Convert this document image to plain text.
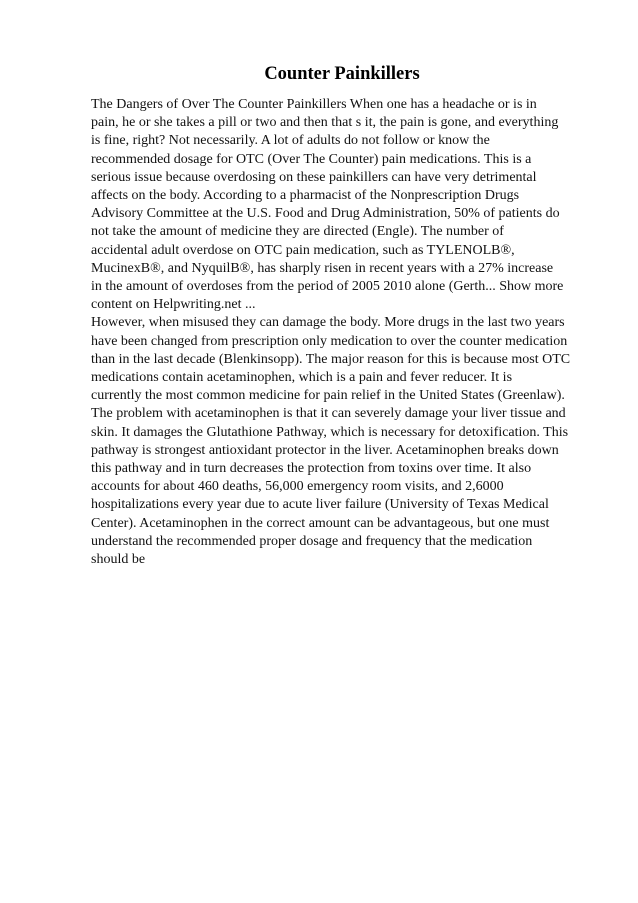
Counter Painkillers
The Dangers of Over The Counter Painkillers When one has a headache or is in
pain, he or she takes a pill or two and then that s it, the pain is gone, and everything
is fine, right? Not necessarily. A lot of adults do not follow or know the
recommended dosage for OTC (Over The Counter) pain medications. This is a
serious issue because overdosing on these painkillers can have very detrimental
affects on the body. According to a pharmacist of the Nonprescription Drugs
Advisory Committee at the U.S. Food and Drug Administration, 50% of patients do
not take the amount of medicine they are directed (Engle). The number of
accidental adult overdose on OTC pain medication, such as TYLENOLB®,
MucinexB®, and NyquilB®, has sharply risen in recent years with a 27% increase
in the amount of overdoses from the period of 2005 2010 alone (Gerth... Show more
content on Helpwriting.net ...
However, when misused they can damage the body. More drugs in the last two years
have been changed from prescription only medication to over the counter medication
than in the last decade (Blenkinsopp). The major reason for this is because most OTC
medications contain acetaminophen, which is a pain and fever reducer. It is
currently the most common medicine for pain relief in the United States (Greenlaw).
The problem with acetaminophen is that it can severely damage your liver tissue and
skin. It damages the Glutathione Pathway, which is necessary for detoxification. This
pathway is strongest antioxidant protector in the liver. Acetaminophen breaks down
this pathway and in turn decreases the protection from toxins over time. It also
accounts for about 460 deaths, 56,000 emergency room visits, and 2,6000
hospitalizations every year due to acute liver failure (University of Texas Medical
Center). Acetaminophen in the correct amount can be advantageous, but one must
understand the recommended proper dosage and frequency that the medication
should be
